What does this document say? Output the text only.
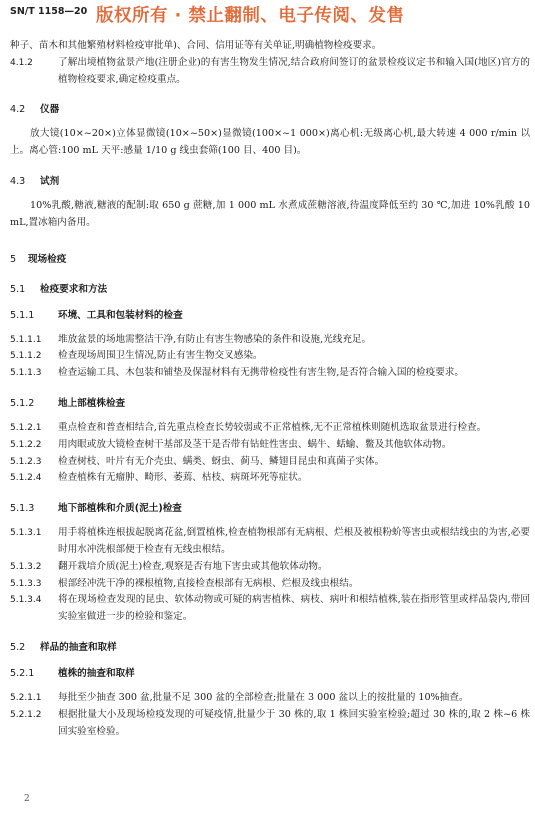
SN/T 1158—20 版权所有 · 禁止翻制、电子传阅、发售

种子、苗木和其他繁殖材料检疫审批单)、合同、信用证等有关单证,明确植物检疫要求。

4.1.2	了解出境植物盆景产地(注册企业)的有害生物发生情况,结合政府间签订的盆景检疫议定书和输入国(地区)官方的植物检疫要求,确定检疫重点。

4.2 仪器

放大镜(10×~20×)立体显微镜(10×~50×)显微镜(100×~1 000×)离心机:无级离心机,最大转速 4 000 r/min 以上。离心管:100 mL 天平:感量 1/10 g 线虫套筛(100 目、400 目)。

4.3 试剂

10%乳酸,糖液,糖液的配制:取 650 g 蔗糖,加 1 000 mL 水煮成蔗糖溶液,待温度降低至约 30 ℃,加进 10%乳酸 10 mL,置冰箱内备用。

5 现场检疫
5.1 检疫要求和方法
5.1.1 环境、工具和包装材料的检查

5.1.1.1 堆放盆景的场地需整洁干净,有防止有害生物感染的条件和设施,光线充足。

5.1.1.2 检查现场周围卫生情况,防止有害生物交叉感染。

5.1.1.3 检查运输工具、木包装和铺垫及保湿材料有无携带检疫性有害生物,是否符合输入国的检疫要求。

5.1.2 地上部植株检查

5.1.2.1 重点检查和普查相结合,首先重点检查长势较弱或不正常植株,无不正常植株则随机选取盆景进行检查。

5.1.2.2 用肉眼或放大镜检查树干基部及茎干是否带有钻蛀性害虫、蜗牛、蛞蝓、鳖及其他软体动物。

5.1.2.3 检查树枝、叶片有无介壳虫、螨类、蚜虫、蓟马、鳞翅目昆虫和真菌子实体。

5.1.2.4 检查植株有无瘤肿、畸形、萎蔫、枯枝、病斑坏死等症状。

5.1.3 地下部植株和介质(泥土)检查

5.1.3.1 用手将植株连根拔起脱离花盆,倒置植株,检查植物根部有无病根、烂根及被根粉蚧等害虫或根结线虫的为害,必要时用水冲洗根部便于检查有无线虫根结。

5.1.3.2 翻开栽培介质(泥土)检查,观察是否有地下害虫或其他软体动物。

5.1.3.3 根部经冲洗干净的裸根植物,直接检查根部有无病根、烂根及线虫根结。

5.1.3.4 将在现场检查发现的昆虫、软体动物或可疑的病害植株、病枝、病叶和根结植株,装在指形管里或样品袋内,带回实验室做进一步的检验和鉴定。

5.2 样品的抽查和取样
5.2.1 植株的抽查和取样

5.2.1.1 每批至少抽查 300 盆,批量不足 300 盆的全部检查;批量在 3 000 盆以上的按批量的 10%抽查。

5.2.1.2 根据批量大小及现场检疫发现的可疑疫情,批量少于 30 株的,取 1 株回实验室检验;超过 30 株的,取 2 株~6 株回实验室检验。

2
